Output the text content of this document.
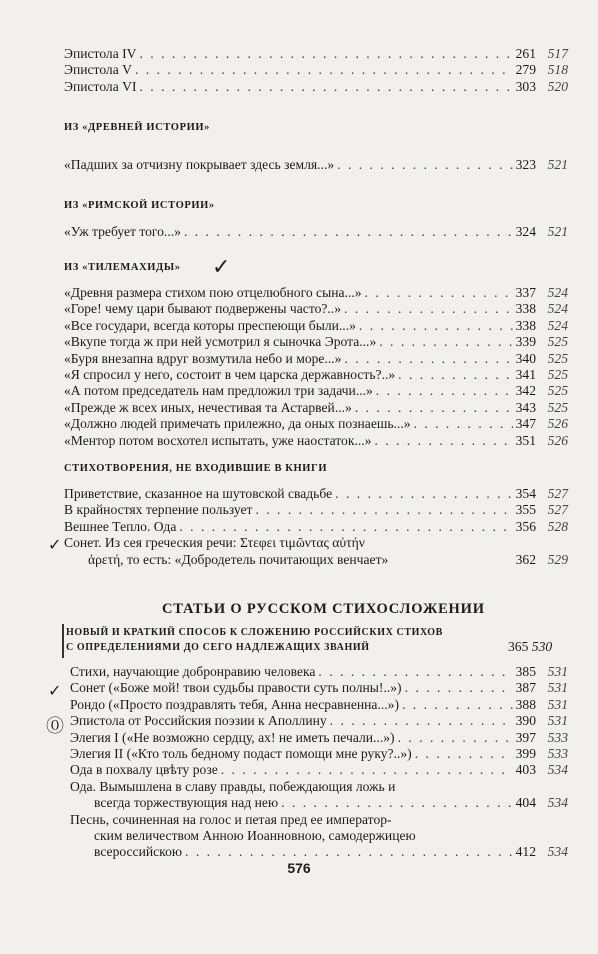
Эпистола IV . . .	261 517
Эпистола V . . .	279 518
Эпистола VI . . .	303 520
ИЗ «ДРЕВНЕЙ ИСТОРИИ»
«Падших за отчизну покрывает здесь земля...» . . .	323 521
ИЗ «РИМСКОЙ ИСТОРИИ»
«Уж требует того...» . . .	324 521
ИЗ «ТИЛЕМАХИДЫ» ✓
«Древня размера стихом пою отцелюбного сына...» . . .	337 524
«Горе! чему цари бывают подвержены часто?..» . . .	338 524
«Все государи, всегда которы преспеющи были...» . . .	338 524
«Вкупе тогда ж при ней усмотрил я сыночка Эрота...» . . .	339 525
«Буря внезапна вдруг возмутила небо и море...» . . .	340 525
«Я спросил у него, состоит в чем царска державность?..» . . .	341 525
«А потом председатель нам предложил три задачи...» . . .	342 525
«Прежде ж всех иных, нечестивая та Астарвей...» . . .	343 525
«Должно людей примечать прилежно, да оных познаешь...» . . .	347 526
«Ментор потом восхотел испытать, уже наостаток...» . . .	351 526
СТИХОТВОРЕНИЯ, НЕ ВХОДИВШИЕ В КНИГИ
Приветствие, сказанное на шутовской свадьбе . . .	354 527
В крайностях терпение пользует . . .	355 527
Вешнее Тепло. Ода . . .	356 528
Сонет. Из сея греческия речи: Στεφει τιμῶντας αὐτήν
ἀρετή, то есть: «Добродетель почитающих венчает»	362 529
✓
СТАТЬИ О РУССКОМ СТИХОСЛОЖЕНИИ
НОВЫЙ И КРАТКИЙ СПОСОБ К СЛОЖЕНИЮ РОССИЙСКИХ СТИХОВ
С ОПРЕДЕЛЕНИЯМИ ДО СЕГО НАДЛЕЖАЩИХ ЗВАНИЙ	365 530
Стихи, научающие добронравию человека . . .	385 531
Сонет («Боже мой! твои судьбы правости суть полны!..») . . .	387 531
Рондо («Просто поздравлять тебя, Анна несравненна...») . . .	388 531
Эпистола от Российския поэзии к Аполлину . . .	390 531
Элегия I («Не возможно сердцу, ах! не иметь печали...») . . .	397 533
Элегия II («Кто толь бедному подаст помощи мне руку?..») . . .	399 533
Ода в похвалу цвѣту розе . . .	403 534
Ода. Вымышлена в славу правды, побеждающия ложь и
всегда торжествующия над нею . . .	404 534
Песнь, сочиненная на голос и петая пред ее император-
ским величеством Анною Иоанновною, самодержицею
всероссийскою . . .	412 534
✓
⓪
576
